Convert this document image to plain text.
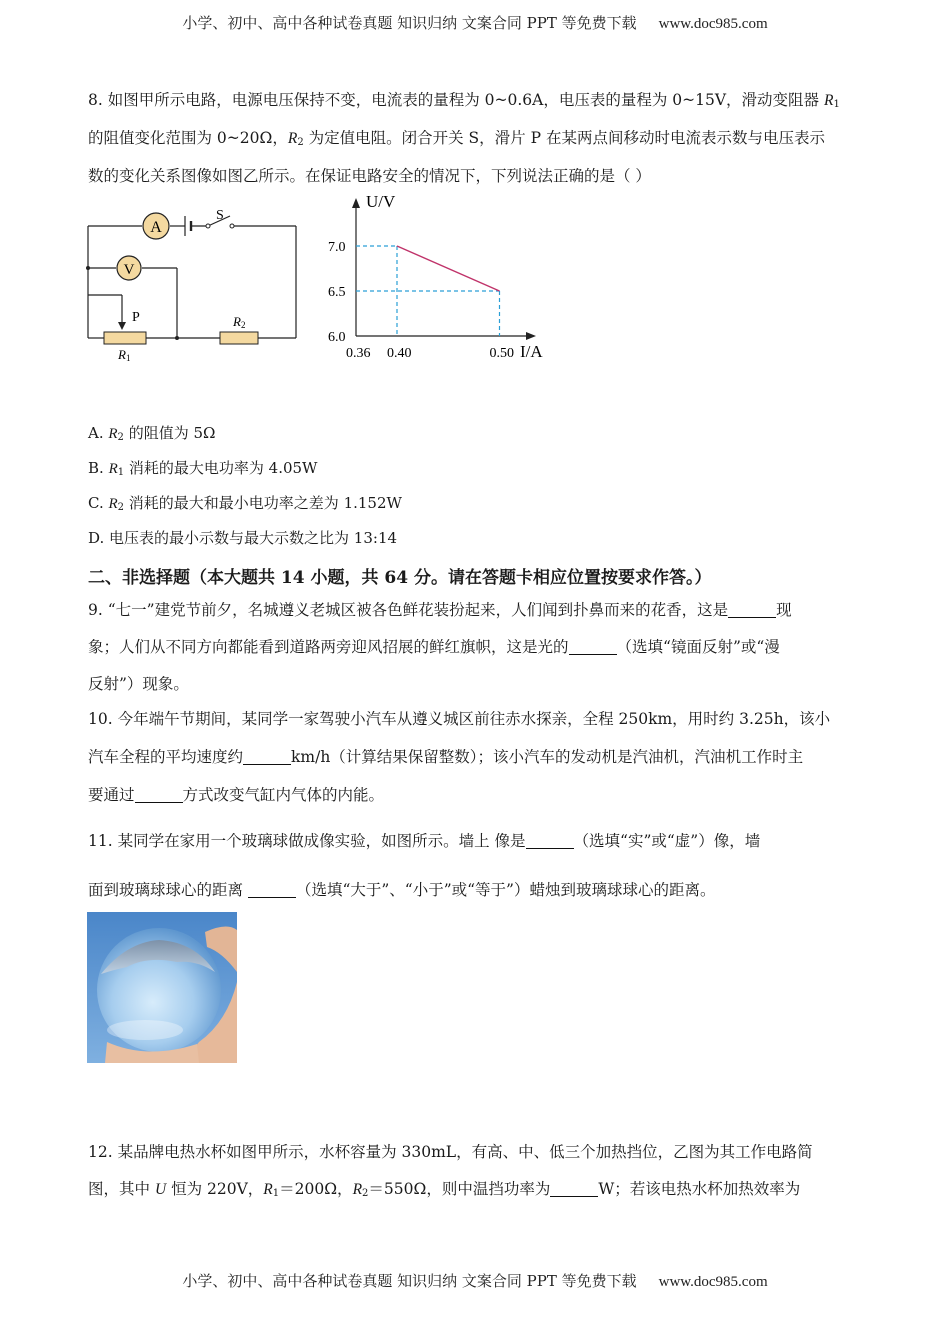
小学、初中、高中各种试卷真题 知识归纳 文案合同 PPT 等免费下载 www.doc985.com
8. 如图甲所示电路，电源电压保持不变，电流表的量程为 0~0.6A，电压表的量程为 0~15V，滑动变阻器 $R_1$
的阻值变化范围为 0~20Ω，$R_2$ 为定值电阻。闭合开关 S，滑片 P 在某两点间移动时电流表示数与电压表示
数的变化关系图像如图乙所示。在保证电路安全的情况下，下列说法正确的是（ ）
A
V
S
P
R1
R2
U/V
I/A
0.36 0.40	0.50
6.0
6.5
7.0
A. $R_2$ 的阻值为 5Ω
B. $R_1$ 消耗的最大电功率为 4.05W
C. $R_2$ 消耗的最大和最小电功率之差为 1.152W
D. 电压表的最小示数与最大示数之比为 13:14
二、非选择题（本大题共 14 小题，共 64 分。请在答题卡相应位置按要求作答。）
9. “七一”建党节前夕，名城遵义老城区被各色鲜花装扮起来，人们闻到扑鼻而来的花香，这是	现
象；人们从不同方向都能看到道路两旁迎风招展的鲜红旗帜，这是光的	（选填“镜面反射”或“漫
反射”）现象。
10. 今年端午节期间，某同学一家驾驶小汽车从遵义城区前往赤水探亲，全程 250km，用时约 3.25h，该小
汽车全程的平均速度约	km/h（计算结果保留整数）；该小汽车的发动机是汽油机，汽油机工作时主
要通过	方式改变气缸内气体的内能。
11. 某同学在家用一个玻璃球做成像实验，如图所示。墙上 像是	（选填“实”或“虚”）像，墙
面到玻璃球球心的距离	（选填“大于”、“小于”或“等于”）蜡烛到玻璃球球心的距离。
12. 某品牌电热水杯如图甲所示，水杯容量为 330mL，有高、中、低三个加热挡位，乙图为其工作电路简
图，其中 U 恒为 220V，$R_1=200\Omega$，$R_2=550\Omega$，则中温挡功率为	W；若该电热水杯加热效率为
小学、初中、高中各种试卷真题 知识归纳 文案合同 PPT 等免费下载 www.doc985.com
